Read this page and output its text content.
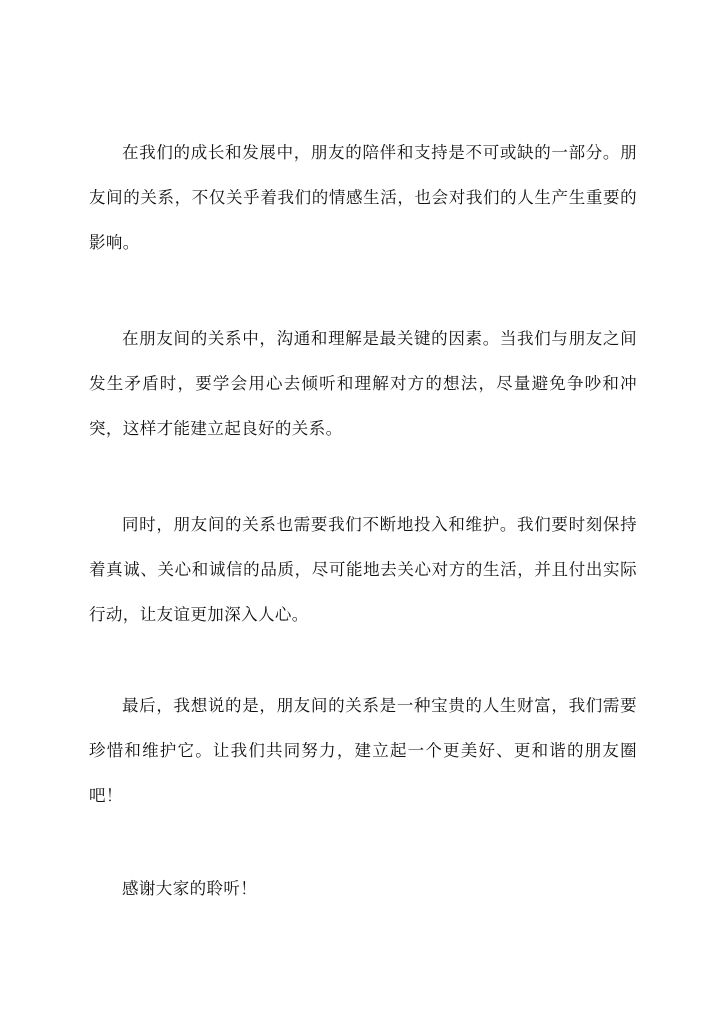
在我们的成长和发展中，朋友的陪伴和支持是不可或缺的一部分。朋友间的关系，不仅关乎着我们的情感生活，也会对我们的人生产生重要的影响。

在朋友间的关系中，沟通和理解是最关键的因素。当我们与朋友之间发生矛盾时，要学会用心去倾听和理解对方的想法，尽量避免争吵和冲突，这样才能建立起良好的关系。

同时，朋友间的关系也需要我们不断地投入和维护。我们要时刻保持着真诚、关心和诚信的品质，尽可能地去关心对方的生活，并且付出实际行动，让友谊更加深入人心。

最后，我想说的是，朋友间的关系是一种宝贵的人生财富，我们需要珍惜和维护它。让我们共同努力，建立起一个更美好、更和谐的朋友圈吧！

感谢大家的聆听！
